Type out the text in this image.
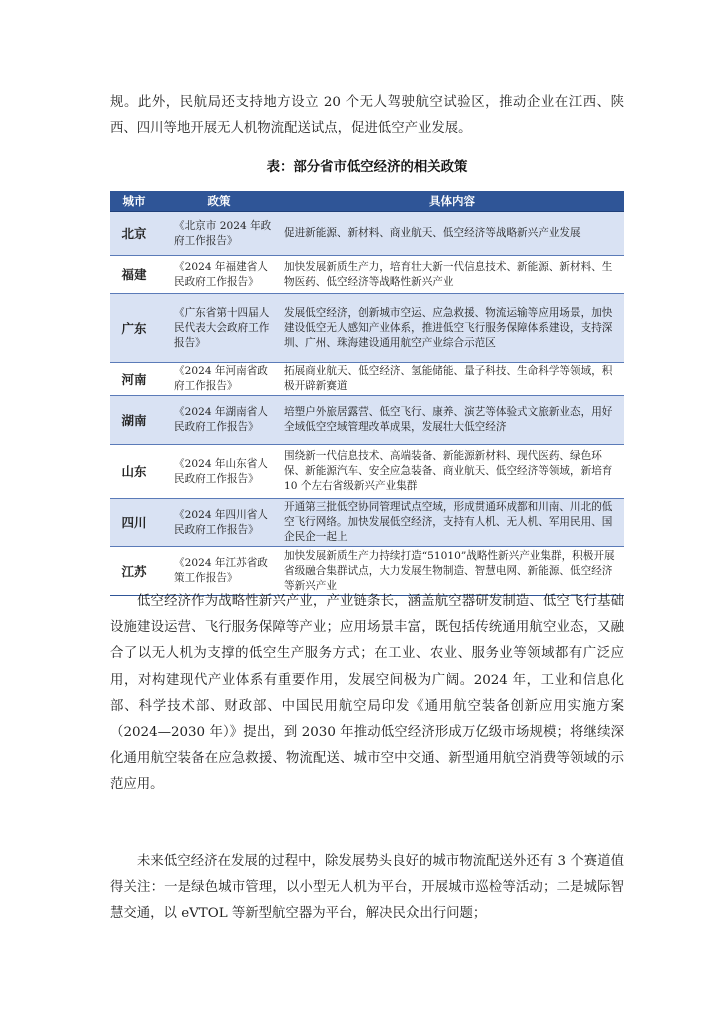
规。此外，民航局还支持地方设立 20 个无人驾驶航空试验区，推动企业在江西、陕西、四川等地开展无人机物流配送试点，促进低空产业发展。

表：部分省市低空经济的相关政策
城市	政策	具体内容
北京	《北京市 2024 年政府工作报告》	促进新能源、新材料、商业航天、低空经济等战略新兴产业发展
福建	《2024 年福建省人民政府工作报告》	加快发展新质生产力，培育壮大新一代信息技术、新能源、新材料、生物医药、低空经济等战略性新兴产业
广东	《广东省第十四届人民代表大会政府工作报告》	发展低空经济，创新城市空运、应急救援、物流运输等应用场景，加快建设低空无人感知产业体系，推进低空飞行服务保障体系建设，支持深圳、广州、珠海建设通用航空产业综合示范区
河南	《2024 年河南省政府工作报告》	拓展商业航天、低空经济、氢能储能、量子科技、生命科学等领域，积极开辟新赛道
湖南	《2024 年湖南省人民政府工作报告》	培塑户外旅居露营、低空飞行、康养、演艺等体验式文旅新业态，用好全域低空空域管理改革成果，发展壮大低空经济
山东	《2024 年山东省人民政府工作报告》	围绕新一代信息技术、高端装备、新能源新材料、现代医药、绿色环保、新能源汽车、安全应急装备、商业航天、低空经济等领域，新培育 10 个左右省级新兴产业集群
四川	《2024 年四川省人民政府工作报告》	开通第三批低空协同管理试点空域，形成贯通环成都和川南、川北的低空飞行网络。加快发展低空经济，支持有人机、无人机、军用民用、国企民企一起上
江苏	《2024 年江苏省政策工作报告》	加快发展新质生产力持续打造“51010”战略性新兴产业集群，积极开展省级融合集群试点，大力发展生物制造、智慧电网、新能源、低空经济等新兴产业

低空经济作为战略性新兴产业，产业链条长，涵盖航空器研发制造、低空飞行基础设施建设运营、飞行服务保障等产业；应用场景丰富，既包括传统通用航空业态，又融合了以无人机为支撑的低空生产服务方式；在工业、农业、服务业等领域都有广泛应用，对构建现代产业体系有重要作用，发展空间极为广阔。2024 年，工业和信息化部、科学技术部、财政部、中国民用航空局印发《通用航空装备创新应用实施方案（2024—2030 年）》提出，到 2030 年推动低空经济形成万亿级市场规模；将继续深化通用航空装备在应急救援、物流配送、城市空中交通、新型通用航空消费等领域的示范应用。

未来低空经济在发展的过程中，除发展势头良好的城市物流配送外还有 3 个赛道值得关注：一是绿色城市管理，以小型无人机为平台，开展城市巡检等活动；二是城际智慧交通，以 eVTOL 等新型航空器为平台，解决民众出行问题；
